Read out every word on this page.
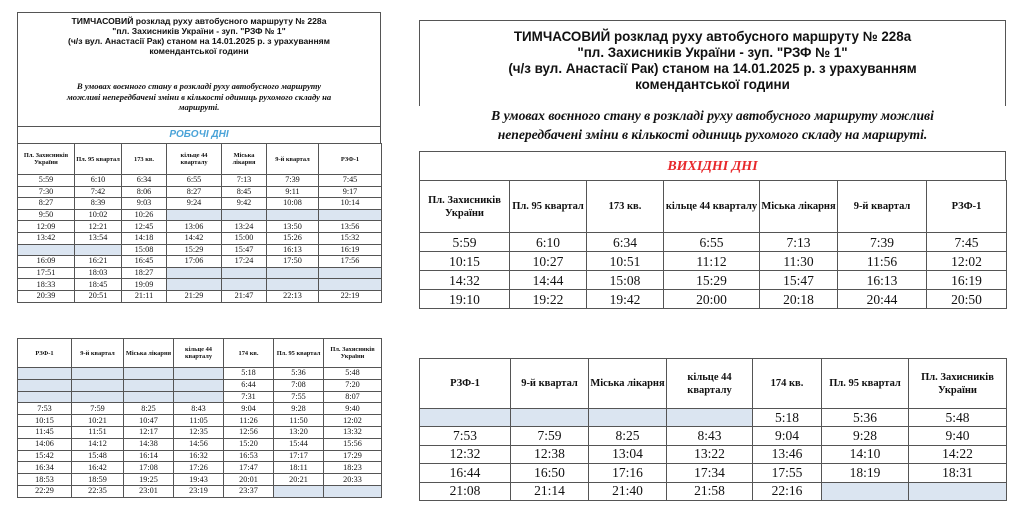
ТИМЧАСОВИЙ розклад руху автобусного маршруту № 228а
"пл. Захисників України - зуп. "РЗФ № 1"
(ч/з вул. Анастасії Рак) станом на 14.01.2025 р. з урахуванням
комендантської години
В умовах воєнного стану в розкладі руху автобусного маршруту
можливі непередбачені зміни в кількості одиниць рухомого складу на
маршруті.
РОБОЧІ ДНІ
Пл. Захисників України	Пл. 95 квартал	173 кв.	кільце 44 кварталу	Міська лікарня	9-й квартал	РЗФ-1
5:59	6:10	6:34	6:55	7:13	7:39	7:45
7:30	7:42	8:06	8:27	8:45	9:11	9:17
8:27	8:39	9:03	9:24	9:42	10:08	10:14
9:50	10:02	10:26				
12:09	12:21	12:45	13:06	13:24	13:50	13:56
13:42	13:54	14:18	14:42	15:00	15:26	15:32
		15:08	15:29	15:47	16:13	16:19
16:09	16:21	16:45	17:06	17:24	17:50	17:56
17:51	18:03	18:27				
18:33	18:45	19:09				
20:39	20:51	21:11	21:29	21:47	22:13	22:19
РЗФ-1	9-й квартал	Міська лікарня	кільце 44 кварталу	174 кв.	Пл. 95 квартал	Пл. Захисників України
				5:18	5:36	5:48
				6:44	7:08	7:20
				7:31	7:55	8:07
7:53	7:59	8:25	8:43	9:04	9:28	9:40
10:15	10:21	10:47	11:05	11:26	11:50	12:02
11:45	11:51	12:17	12:35	12:56	13:20	13:32
14:06	14:12	14:38	14:56	15:20	15:44	15:56
15:42	15:48	16:14	16:32	16:53	17:17	17:29
16:34	16:42	17:08	17:26	17:47	18:11	18:23
18:53	18:59	19:25	19:43	20:01	20:21	20:33
22:29	22:35	23:01	23:19	23:37		
ТИМЧАСОВИЙ розклад руху автобусного маршруту № 228а
"пл. Захисників України - зуп. "РЗФ № 1"
(ч/з вул. Анастасії Рак) станом на 14.01.2025 р. з урахуванням
комендантської години
В умовах воєнного стану в розкладі руху автобусного маршруту можливі
непередбачені зміни в кількості одиниць рухомого складу на маршруті.
ВИХІДНІ ДНІ
Пл. Захисників України	Пл. 95 квартал	173 кв.	кільце 44 кварталу	Міська лікарня	9-й квартал	РЗФ-1
5:59	6:10	6:34	6:55	7:13	7:39	7:45
10:15	10:27	10:51	11:12	11:30	11:56	12:02
14:32	14:44	15:08	15:29	15:47	16:13	16:19
19:10	19:22	19:42	20:00	20:18	20:44	20:50
РЗФ-1	9-й квартал	Міська лікарня	кільце 44 кварталу	174 кв.	Пл. 95 квартал	Пл. Захисників України
				5:18	5:36	5:48
7:53	7:59	8:25	8:43	9:04	9:28	9:40
12:32	12:38	13:04	13:22	13:46	14:10	14:22
16:44	16:50	17:16	17:34	17:55	18:19	18:31
21:08	21:14	21:40	21:58	22:16		
